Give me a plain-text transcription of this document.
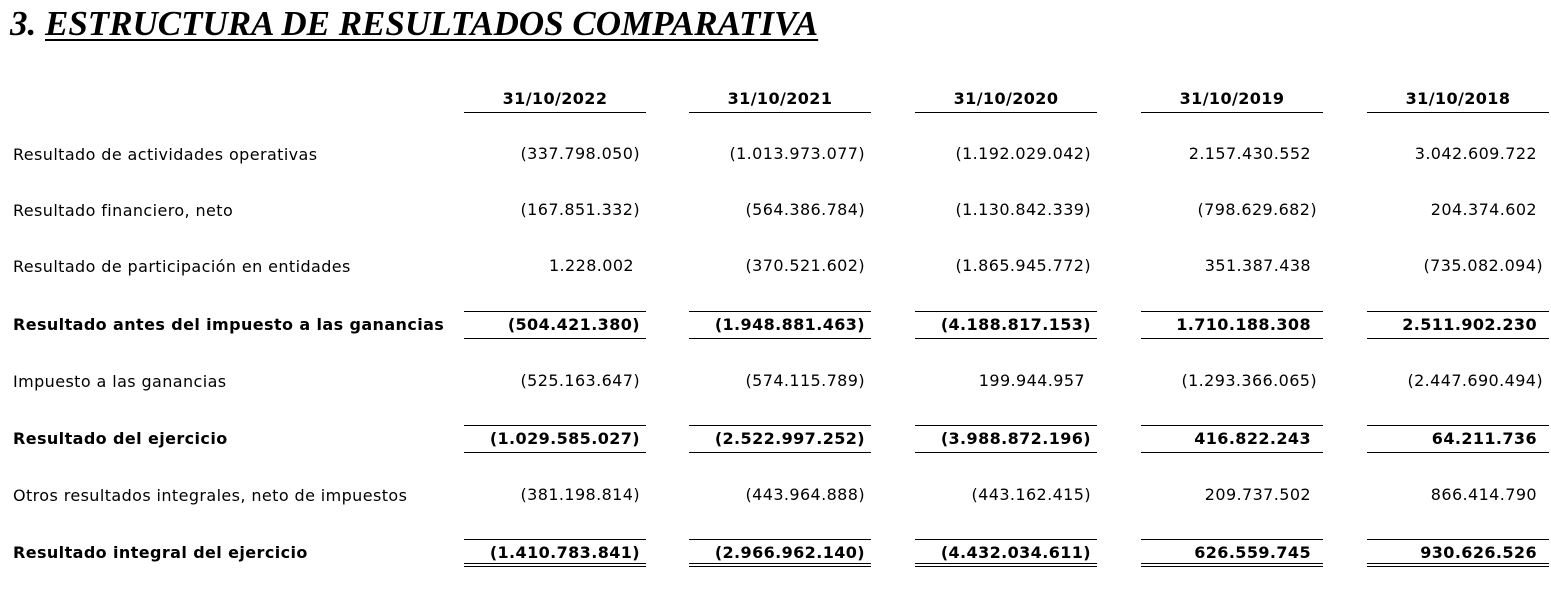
3. ESTRUCTURA DE RESULTADOS COMPARATIVA
31/10/2022	31/10/2021	31/10/2020	31/10/2019	31/10/2018
Resultado de actividades operativas	(337.798.050)	(1.013.973.077)	(1.192.029.042)	2.157.430.552	3.042.609.722
Resultado financiero, neto	(167.851.332)	(564.386.784)	(1.130.842.339)	(798.629.682)	204.374.602
Resultado de participación en entidades	1.228.002	(370.521.602)	(1.865.945.772)	351.387.438	(735.082.094)
Resultado antes del impuesto a las ganancias	(504.421.380)	(1.948.881.463)	(4.188.817.153)	1.710.188.308	2.511.902.230
Impuesto a las ganancias	(525.163.647)	(574.115.789)	199.944.957	(1.293.366.065)	(2.447.690.494)
Resultado del ejercicio	(1.029.585.027)	(2.522.997.252)	(3.988.872.196)	416.822.243	64.211.736
Otros resultados integrales, neto de impuestos	(381.198.814)	(443.964.888)	(443.162.415)	209.737.502	866.414.790
Resultado integral del ejercicio	(1.410.783.841)	(2.966.962.140)	(4.432.034.611)	626.559.745	930.626.526
